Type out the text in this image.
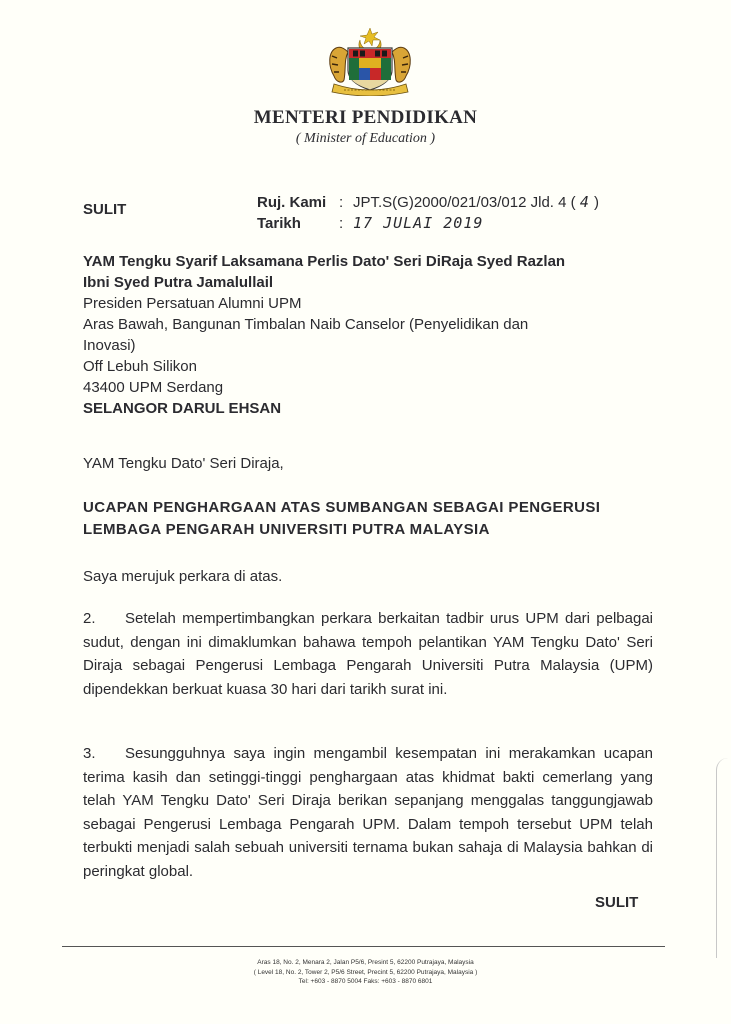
MENTERI PENDIDIKAN
( Minister of Education )
SULIT	Ruj. Kami : JPT.S(G)2000/021/03/012 Jld. 4 ( 4 )
Tarikh	: 17 JULAI 2019
YAM Tengku Syarif Laksamana Perlis Dato' Seri DiRaja Syed Razlan
Ibni Syed Putra Jamalullail
Presiden Persatuan Alumni UPM
Aras Bawah, Bangunan Timbalan Naib Canselor (Penyelidikan dan
Inovasi)
Off Lebuh Silikon
43400 UPM Serdang
SELANGOR DARUL EHSAN
YAM Tengku Dato' Seri Diraja,
UCAPAN PENGHARGAAN ATAS SUMBANGAN SEBAGAI PENGERUSI
LEMBAGA PENGARAH UNIVERSITI PUTRA MALAYSIA
Saya merujuk perkara di atas.
2. Setelah mempertimbangkan perkara berkaitan tadbir urus UPM dari pelbagai sudut, dengan ini dimaklumkan bahawa tempoh pelantikan YAM Tengku Dato' Seri Diraja sebagai Pengerusi Lembaga Pengarah Universiti Putra Malaysia (UPM) dipendekkan berkuat kuasa 30 hari dari tarikh surat ini.
3. Sesungguhnya saya ingin mengambil kesempatan ini merakamkan ucapan terima kasih dan setinggi-tinggi penghargaan atas khidmat bakti cemerlang yang telah YAM Tengku Dato' Seri Diraja berikan sepanjang menggalas tanggungjawab sebagai Pengerusi Lembaga Pengarah UPM. Dalam tempoh tersebut UPM telah terbukti menjadi salah sebuah universiti ternama bukan sahaja di Malaysia bahkan di peringkat global.
SULIT
Aras 18, No. 2, Menara 2, Jalan P5/6, Presint 5, 62200 Putrajaya, Malaysia
( Level 18, No. 2, Tower 2, P5/6 Street, Precint 5, 62200 Putrajaya, Malaysia )
Tel: +603 - 8870 5004 Faks: +603 - 8870 6801
